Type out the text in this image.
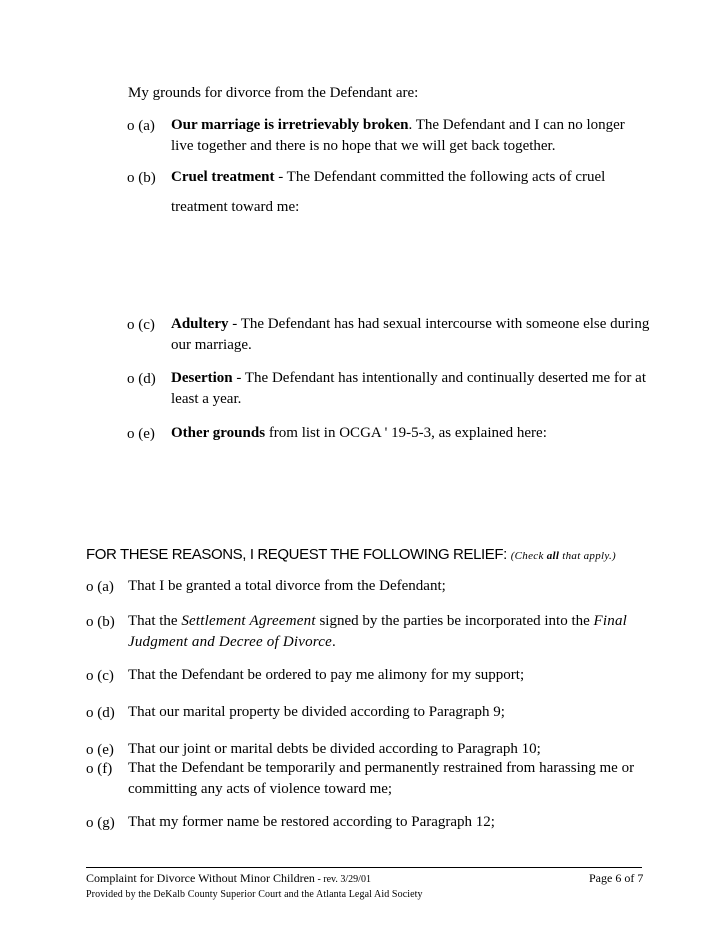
My grounds for divorce from the Defendant are:
o (a) Our marriage is irretrievably broken. The Defendant and I can no longer live together and there is no hope that we will get back together.
o (b) Cruel treatment - The Defendant committed the following acts of cruel
treatment toward me:
o (c) Adultery - The Defendant has had sexual intercourse with someone else during our marriage.
o (d) Desertion - The Defendant has intentionally and continually deserted me for at least a year.
o (e) Other grounds from list in OCGA ' 19-5-3, as explained here:
FOR THESE REASONS, I REQUEST THE FOLLOWING RELIEF: (Check all that apply.)
o (a) That I be granted a total divorce from the Defendant;
o (b) That the Settlement Agreement signed by the parties be incorporated into the Final Judgment and Decree of Divorce.
o (c) That the Defendant be ordered to pay me alimony for my support;
o (d) That our marital property be divided according to Paragraph 9;
o (e) That our joint or marital debts be divided according to Paragraph 10;
o (f) That the Defendant be temporarily and permanently restrained from harassing me or committing any acts of violence toward me;
o (g) That my former name be restored according to Paragraph 12;
Complaint for Divorce Without Minor Children - rev. 3/29/01	Page 6 of 7
Provided by the DeKalb County Superior Court and the Atlanta Legal Aid Society
